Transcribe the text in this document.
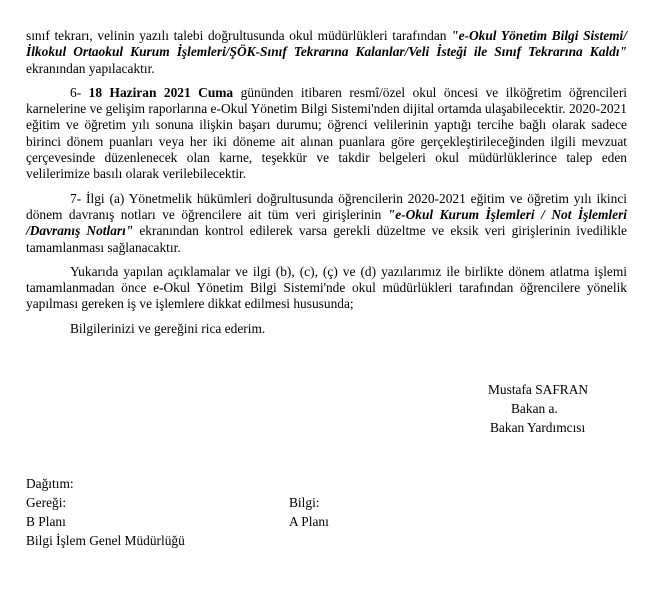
sınıf tekrarı, velinin yazılı talebi doğrultusunda okul müdürlükleri tarafından "e-Okul Yönetim Bilgi Sistemi/İlkokul Ortaokul Kurum İşlemleri/ŞÖK-Sınıf Tekrarına Kalanlar/Veli İsteği ile Sınıf Tekrarına Kaldı" ekranından yapılacaktır.

6- 18 Haziran 2021 Cuma gününden itibaren resmî/özel okul öncesi ve ilköğretim öğrencileri karnelerine ve gelişim raporlarına e-Okul Yönetim Bilgi Sistemi'nden dijital ortamda ulaşabilecektir. 2020-2021 eğitim ve öğretim yılı sonuna ilişkin başarı durumu; öğrenci velilerinin yaptığı tercihe bağlı olarak sadece birinci dönem puanları veya her iki döneme ait alınan puanlara göre gerçekleştirileceğinden ilgili mevzuat çerçevesinde düzenlenecek olan karne, teşekkür ve takdir belgeleri okul müdürlüklerince talep eden velilerimize basılı olarak verilebilecektir.

7- İlgi (a) Yönetmelik hükümleri doğrultusunda öğrencilerin 2020-2021 eğitim ve öğretim yılı ikinci dönem davranış notları ve öğrencilere ait tüm veri girişlerinin "e-Okul Kurum İşlemleri / Not İşlemleri /Davranış Notları" ekranından kontrol edilerek varsa gerekli düzeltme ve eksik veri girişlerinin ivedilikle tamamlanması sağlanacaktır.

Yukarıda yapılan açıklamalar ve ilgi (b), (c), (ç) ve (d) yazılarımız ile birlikte dönem atlatma işlemi tamamlanmadan önce e-Okul Yönetim Bilgi Sistemi'nde okul müdürlükleri tarafından öğrencilere yönelik yapılması gereken iş ve işlemlere dikkat edilmesi hususunda;

Bilgilerinizi ve gereğini rica ederim.

Mustafa SAFRAN
Bakan a.
Bakan Yardımcısı
Dağıtım:
Gereği:	Bilgi:
B Planı	A Planı
Bilgi İşlem Genel Müdürlüğü
